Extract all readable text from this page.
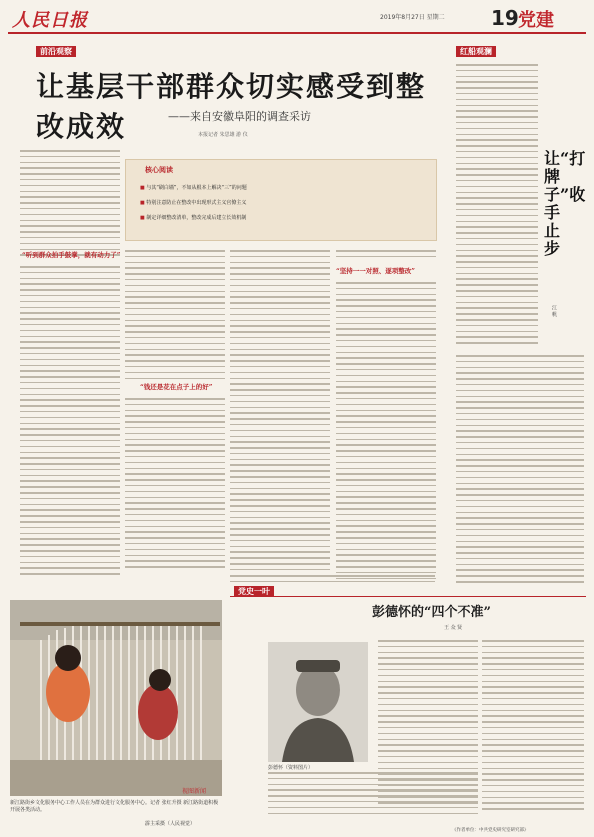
人民日报	2019年8月27日 星期二 19 党建
前沿观察
让基层干部群众切实感受到整改成效	——来自安徽阜阳的调查采访
本报记者 朱思雄 游 仪
核心阅读
■ 与其“刷白墙”，不如从根本上解决“三”的问题
■ 特别注意防止在整改中出现形式主义官僚主义
■ 制定详细整改清单，整改完成后建立长效机制
“听到群众拍手鼓掌，就有动力了”
“钱还是花在点子上的好”
“坚持一一对照、逐项整改”
新江路街乡文化服务中心工作人员在为群众进行文化服务中心。记者 张红升摄 新江路街道积极开展各类活动。
霹主采摄（人民视觉）
视图新闻
红船观澜
让“打牌子”收手止步
江 帆
党史一叶
彭德怀的“四个不准”
王 众 贤
彭德怀（资料图片）
《作者单位：中共党史研究室研究部》
